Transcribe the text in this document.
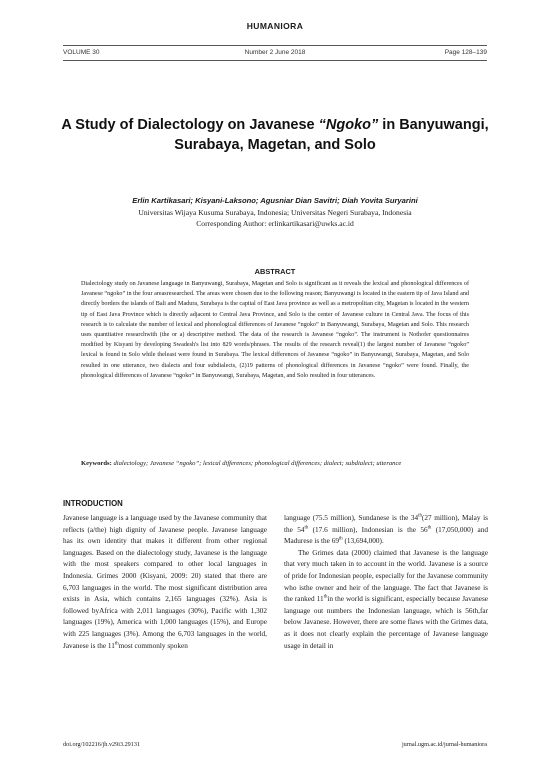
HUMANIORA
VOLUME 30	Number 2 June 2018	Page 128–139
A Study of Dialectology on Javanese “Ngoko” in Banyuwangi, Surabaya, Magetan, and Solo
Erlin Kartikasari; Kisyani-Laksono; Agusniar Dian Savitri; Diah Yovita Suryarini
Universitas Wijaya Kusuma Surabaya, Indonesia; Universitas Negeri Surabaya, Indonesia
Corresponding Author: erlinkartikasari@uwks.ac.id
ABSTRACT

Dialectology study on Javanese language in Banyuwangi, Surabaya, Magetan and Solo is significant as it reveals the lexical and phonological differences of Javanese “ngoko” in the four areasresearched. The areas were chosen due to the following reason; Banyuwangi is located in the eastern tip of Java Island and directly borders the islands of Bali and Madura, Surabaya is the capital of East Java province as well as a metropolitan city, Magetan is located in the western tip of East Java Province which is directly adjacent to Central Java Province, and Solo is the center of Javanese culture in Central Java. The focus of this research is to calculate the number of lexical and phonological differences of Javanese “ngoko” in Banyuwangi, Surabaya, Magetan and Solo. This research uses quantitative researchwith (the or a) descriptive method. The data of the research is Javanese “ngoko”. The instrument is Nothofer questionnaires modified by Kisyani by developing Swadesh's list into 829 words/phrases. The results of the research reveal(1) the largest number of Javanese “ngoko” lexical is found in Solo while theleast were found in Surabaya. The lexical differences of Javanese “ngoko” in Banyuwangi, Surabaya, Magetan, and Solo resulted in one utterance, two dialects and four subdialects, (2)19 patterns of phonological differences in Javanese “ngoko” were found. Finally, the phonological differences of Javanese “ngoko” in Banyuwangi, Surabaya, Magetan, and Solo resulted in four utterances.

Keywords: dialectology; Javanese “ngoko”; lexical differences; phonological differences; dialect; subdialect; utterance

INTRODUCTION

Javanese language is a language used by the Javanese community that reflects (a/the) high dignity of Javanese people. Javanese language has its own identity that makes it different from other regional languages. Based on the dialectology study, Javanese is the language with the most speakers compared to other local languages in Indonesia. Grimes 2000 (Kisyani, 2009: 20) stated that there are 6,703 languages in the world. The most significant distribution area exists in Asia, which contains 2,165 languages (32%). Asia is followed byAfrica with 2,011 languages (30%), Pacific with 1,302 languages (19%), America with 1,000 languages (15%), and Europe with 225 languages (3%). Among the 6,703 languages in the world, Javanese is the 11thmost commonly spoken

language (75.5 million), Sundanese is the 34th(27 million), Malay is the 54th (17.6 million), Indonesian is the 56th (17,050,000) and Madurese is the 69th (13,694,000).

The Grimes data (2000) claimed that Javanese is the language that very much taken in to account in the world. Javanese is a source of pride for Indonesian people, especially for the Javanese community who isthe owner and heir of the language. The fact that Javanese is the ranked 11thin the world is significant, especially because Javanese language out numbers the Indonesian language, which is 56th,far below Javanese. However, there are some flaws with the Grimes data, as it does not clearly explain the percentage of Javanese language usage in detail in

doi.org/102216/jh.v29i3.29131	jurnal.ugm.ac.id/jurnal-humaniora
